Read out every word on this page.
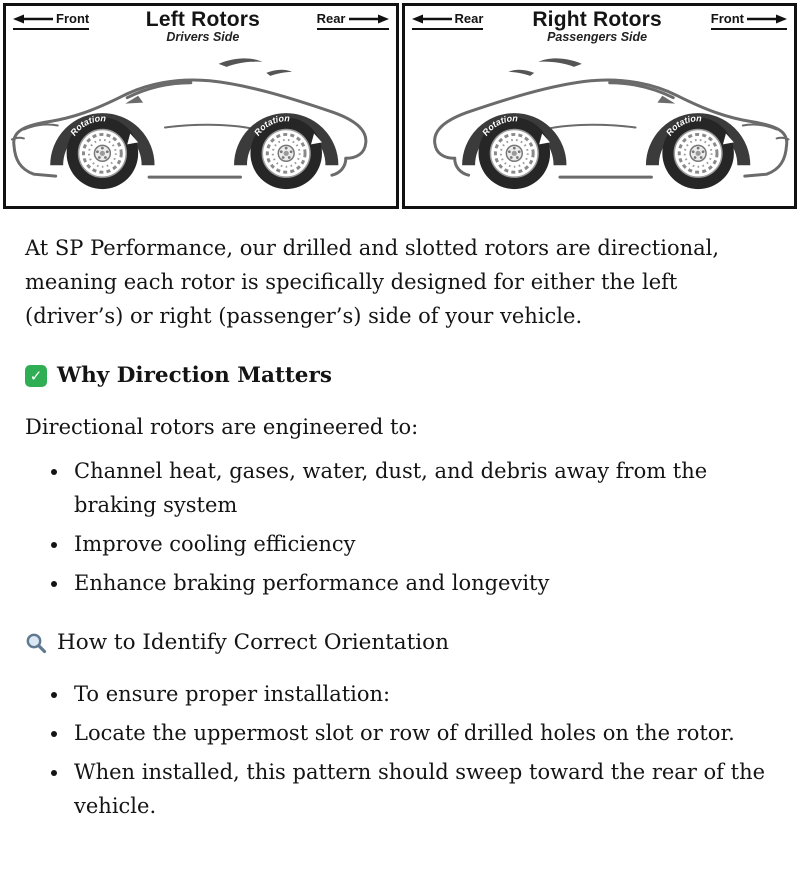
Front	Left Rotors
Drivers Side
Rear	Rear Right Rotors
Passengers Side
Front

At SP Performance, our drilled and slotted rotors are directional, meaning each rotor is specifically designed for either the left (driver’s) or right (passenger’s) side of your vehicle.

✓ Why Direction Matters

Directional rotors are engineered to:

• Channel heat, gases, water, dust, and debris away from the braking system
• Improve cooling efficiency
• Enhance braking performance and longevity
How to Identify Correct Orientation
• To ensure proper installation:
• Locate the uppermost slot or row of drilled holes on the rotor.
• When installed, this pattern should sweep toward the rear of the vehicle.
